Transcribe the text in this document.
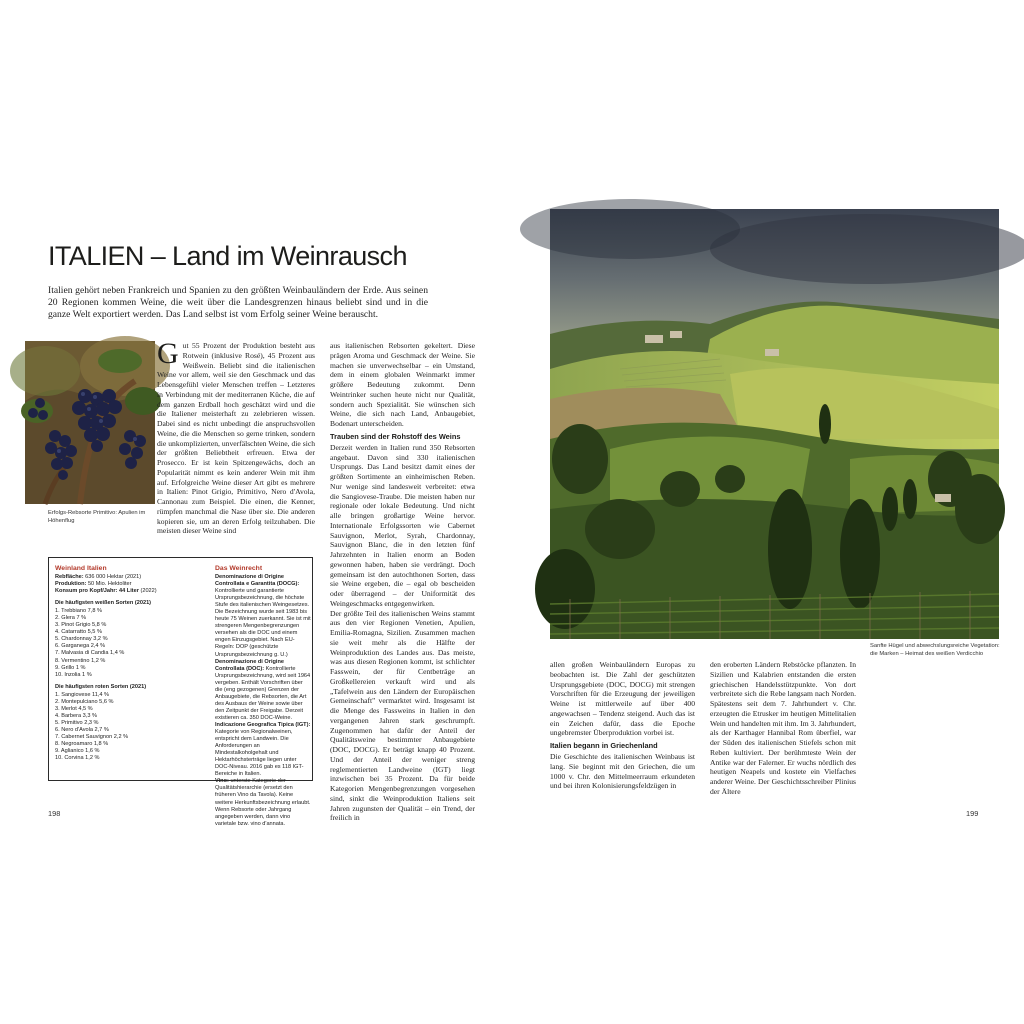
ITALIEN – Land im Weinrausch

Italien gehört neben Frankreich und Spanien zu den größten Weinbauländern der Erde. Aus seinen 20 Regionen kommen Weine, die weit über die Landesgrenzen hinaus beliebt sind und in die ganze Welt exportiert werden. Das Land selbst ist vom Erfolg seiner Weine berauscht.

Erfolgs-Rebsorte Primitivo: Apulien im Höhenflug

Gut 55 Prozent der Produktion besteht aus Rotwein (inklusive Rosé), 45 Prozent aus Weißwein. Beliebt sind die italienischen Weine vor allem, weil sie den Geschmack und das Lebensgefühl vieler Menschen treffen – Letzteres in Verbindung mit der mediterranen Küche, die auf dem ganzen Erdball hoch geschätzt wird und die die Italiener meisterhaft zu zelebrieren wissen. Dabei sind es nicht unbedingt die anspruchsvollen Weine, die die Menschen so gerne trinken, sondern die unkomplizierten, unverfälschten Weine, die sich der größten Beliebtheit erfreuen. Etwa der Prosecco. Er ist kein Spitzengewächs, doch an Popularität nimmt es kein anderer Wein mit ihm auf. Erfolgreiche Weine dieser Art gibt es mehrere in Italien: Pinot Grigio, Primitivo, Nero d'Avola, Cannonau zum Beispiel. Die einen, die Kenner, rümpfen manchmal die Nase über sie. Die anderen kopieren sie, um an deren Erfolg teilzuhaben. Die meisten dieser Weine sind

Weinland Italien

Rebfläche: 636 000 Hektar (2021)

Produktion: 50 Mio. Hektoliter

Konsum pro Kopf/Jahr: 44 Liter (2022)

Die häufigsten weißen Sorten (2021)

1. Trebbiano 7,8 %
2. Glera 7 %
3. Pinot Grigio 5,8 %
4. Catarratto 5,5 %
5. Chardonnay 3,2 %
6. Garganega 2,4 %
7. Malvasia di Candia 1,4 %
8. Vermentino 1,2 %
9. Grillo 1 %
10. Inzolia 1 %

Die häufigsten roten Sorten (2021)

1. Sangiovese 11,4 %
2. Montepulciano 5,6 %
3. Merlot 4,5 %
4. Barbera 3,3 %
5. Primitivo 2,3 %
6. Nero d'Avola 2,7 %
7. Cabernet Sauvignon 2,2 %
8. Negroamaro 1,8 %
9. Aglianico 1,6 %
10. Corvina 1,2 %

Das Weinrecht

Denominazione di Origine Controllata e Garantita (DOCG): Kontrollierte und garantierte Ursprungsbezeichnung, die höchste Stufe des italienischen Weingesetzes. Die Bezeichnung wurde seit 1983 bis heute 75 Weinen zuerkannt. Sie ist mit strengeren Mengenbegrenzungen versehen als die DOC und einem engen Einzugsgebiet. Nach EU-Regeln: DOP (geschützte Ursprungsbezeichnung g. U.)

Denominazione di Origine Controllata (DOC): Kontrollierte Ursprungsbezeichnung, wird seit 1964 vergeben. Enthält Vorschriften über die (eng gezogenen) Grenzen der Anbaugebiete, die Rebsorten, die Art des Ausbaus der Weine sowie über den Zeitpunkt der Freigabe. Derzeit existieren ca. 350 DOC-Weine.

Indicazione Geografica Tipica (IGT): Kategorie von Regionalweinen, entspricht dem Landwein. Die Anforderungen an Mindestalkoholgehalt und Hektarhöchsterträge liegen unter DOC-Niveau. 2016 gab es 118 IGT-Bereiche in Italien.

Vino: unterste Kategorie der Qualitätshierarchie (ersetzt den früheren Vino da Tavola). Keine weitere Herkunftsbezeichnung erlaubt. Wenn Rebsorte oder Jahrgang angegeben werden, dann vino varietale bzw. vino d'annata.

aus italienischen Rebsorten gekeltert. Diese prägen Aroma und Geschmack der Weine. Sie machen sie unverwechselbar – ein Umstand, dem in einem globalen Weinmarkt immer größere Bedeutung zukommt. Denn Weintrinker suchen heute nicht nur Qualität, sondern auch Spezialität. Sie wünschen sich Weine, die sich nach Land, Anbaugebiet, Bodenart unterscheiden.

Trauben sind der Rohstoff des Weins

Derzeit werden in Italien rund 350 Rebsorten angebaut. Davon sind 330 italienischen Ursprungs. Das Land besitzt damit eines der größten Sortimente an einheimischen Reben. Nur wenige sind landesweit verbreitet: etwa die Sangiovese-Traube. Die meisten haben nur regionale oder lokale Bedeutung. Und nicht alle bringen großartige Weine hervor. Internationale Erfolgssorten wie Cabernet Sauvignon, Merlot, Syrah, Chardonnay, Sauvignon Blanc, die in den letzten fünf Jahrzehnten in Italien enorm an Boden gewonnen haben, haben sie verdrängt. Doch gemeinsam ist den autochthonen Sorten, dass sie Weine ergeben, die – egal ob bescheiden oder überragend – der Uniformität des Weingeschmacks entgegenwirken.

Der größte Teil des italienischen Weins stammt aus den vier Regionen Venetien, Apulien, Emilia-Romagna, Sizilien. Zusammen machen sie weit mehr als die Hälfte der Weinproduktion des Landes aus. Das meiste, was aus diesen Regionen kommt, ist schlichter Fasswein, der für Centbeträge an Großkellereien verkauft wird und als „Tafelwein aus den Ländern der Europäischen Gemeinschaft" vermarktet wird. Insgesamt ist die Menge des Fassweins in Italien in den vergangenen Jahren stark geschrumpft. Zugenommen hat dafür der Anteil der Qualitätsweine bestimmter Anbaugebiete (DOC, DOCG). Er beträgt knapp 40 Prozent. Und der Anteil der weniger streng reglementierten Landweine (IGT) liegt inzwischen bei 35 Prozent. Da für beide Kategorien Mengenbegrenzungen vorgesehen sind, sinkt die Weinproduktion Italiens seit Jahren zugunsten der Qualität – ein Trend, der freilich in

Sanfte Hügel und abwechslungsreiche Vegetation: die Marken – Heimat des weißen Verdicchio

allen großen Weinbauländern Europas zu beobachten ist. Die Zahl der geschützten Ursprungsgebiete (DOC, DOCG) mit strengen Vorschriften für die Erzeugung der jeweiligen Weine ist mittlerweile auf über 400 angewachsen – Tendenz steigend. Auch das ist ein Zeichen dafür, dass die Epoche ungebremster Überproduktion vorbei ist.

Italien begann in Griechenland

Die Geschichte des italienischen Weinbaus ist lang. Sie beginnt mit den Griechen, die um 1000 v. Chr. den Mittelmeerraum erkundeten und bei ihren Kolonisierungsfeldzügen in

den eroberten Ländern Rebstöcke pflanzten. In Sizilien und Kalabrien entstanden die ersten griechischen Handelsstützpunkte. Von dort verbreitete sich die Rebe langsam nach Norden. Spätestens seit dem 7. Jahrhundert v. Chr. erzeugten die Etrusker im heutigen Mittelitalien Wein und handelten mit ihm. Im 3. Jahrhundert, als der Karthager Hannibal Rom überfiel, war der Süden des italienischen Stiefels schon mit Reben kultiviert. Der berühmteste Wein der Antike war der Falerner. Er wuchs nördlich des heutigen Neapels und kostete ein Vielfaches anderer Weine. Der Geschichtsschreiber Plinius der Ältere

198	199
